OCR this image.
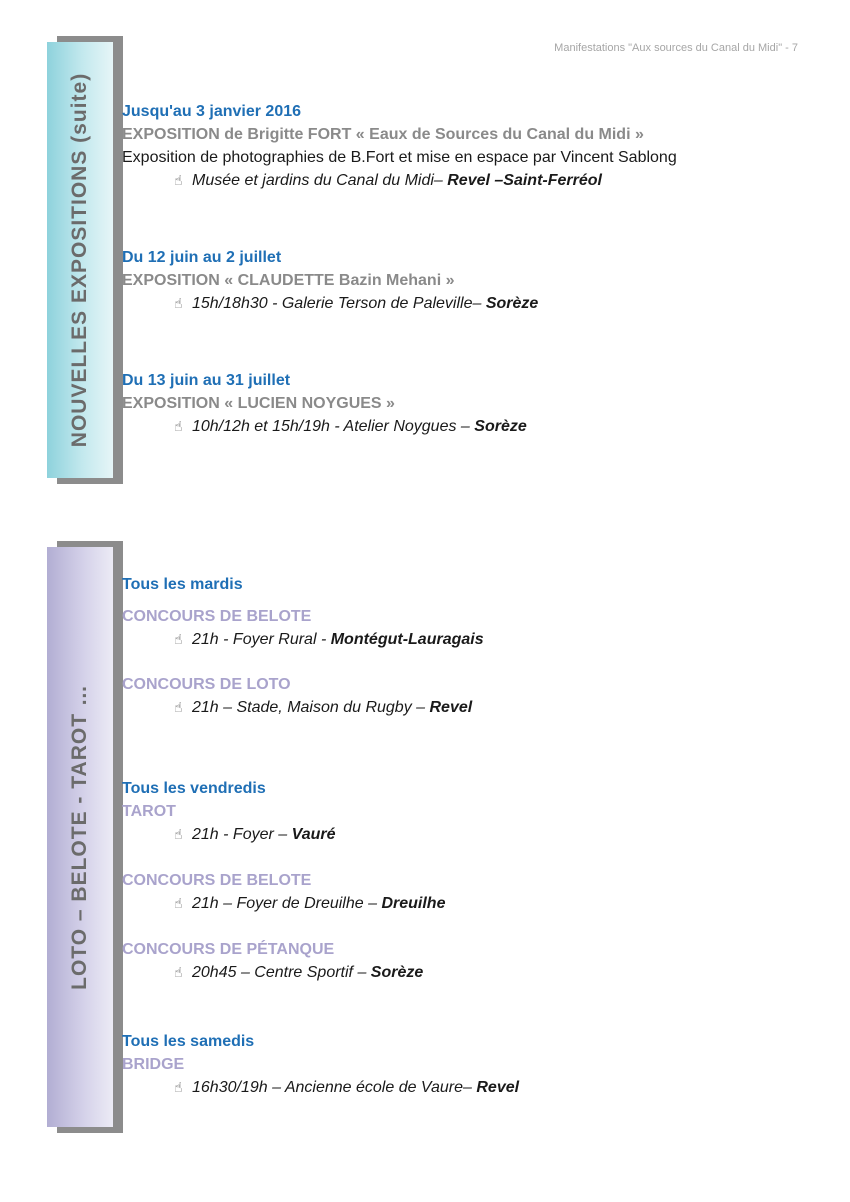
Manifestations "Aux sources du Canal du Midi" - 7
NOUVELLES EXPOSITIONS (suite)
LOTO – BELOTE - TAROT …
Jusqu'au 3 janvier 2016
EXPOSITION de Brigitte FORT « Eaux de Sources du Canal du Midi »
Exposition de photographies de B.Fort et mise en espace par Vincent Sablong
☝ Musée et jardins du Canal du Midi– Revel –Saint-Ferréol
Du 12 juin au 2 juillet
EXPOSITION « CLAUDETTE Bazin Mehani »
☝ 15h/18h30 - Galerie Terson de Paleville– Sorèze
Du 13 juin au 31 juillet
EXPOSITION « LUCIEN NOYGUES »
☝ 10h/12h et 15h/19h - Atelier Noygues – Sorèze
Tous les mardis
CONCOURS DE BELOTE
☝ 21h - Foyer Rural - Montégut-Lauragais
CONCOURS DE LOTO
☝ 21h – Stade, Maison du Rugby – Revel
Tous les vendredis
TAROT
☝ 21h - Foyer – Vauré
CONCOURS DE BELOTE
☝ 21h – Foyer de Dreuilhe – Dreuilhe
CONCOURS DE PÉTANQUE
☝ 20h45 – Centre Sportif – Sorèze
Tous les samedis
BRIDGE
☝ 16h30/19h – Ancienne école de Vaure– Revel
